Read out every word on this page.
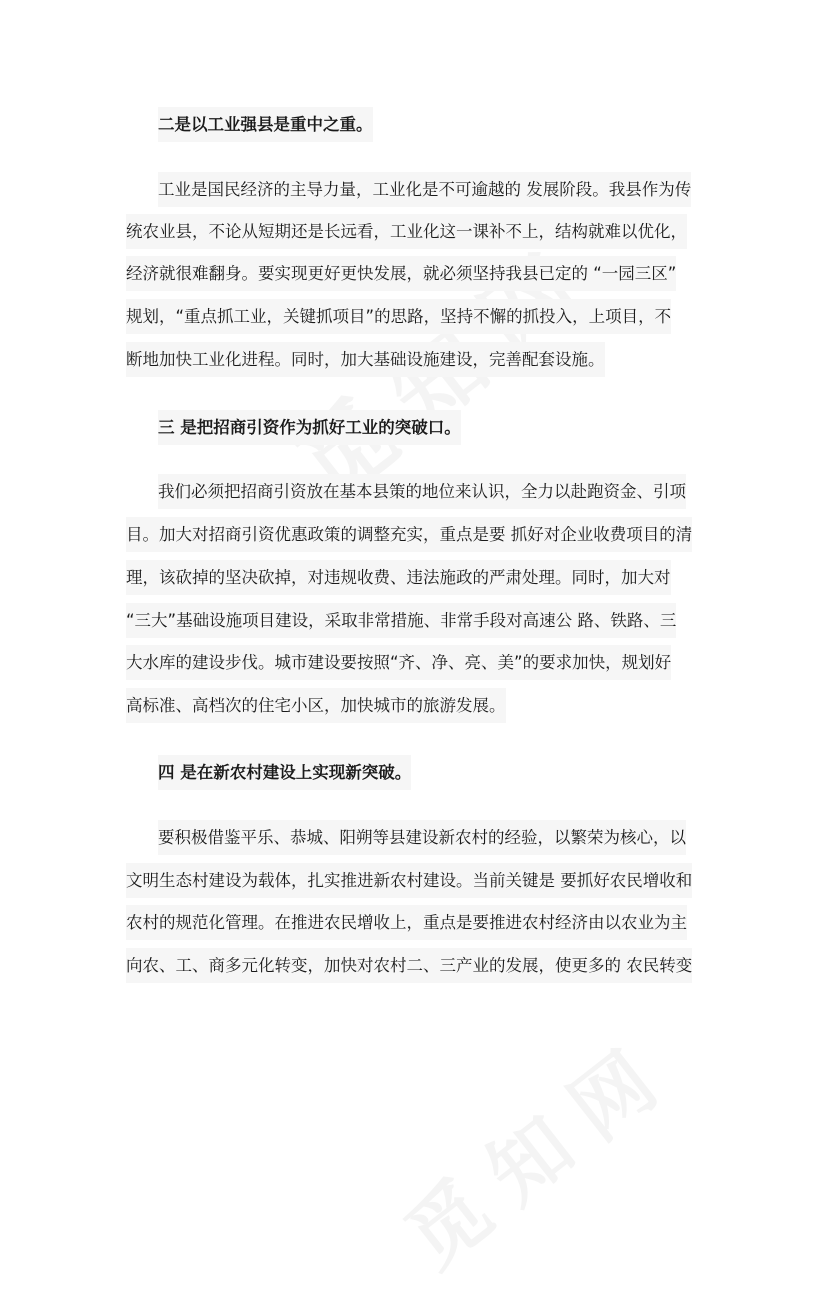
二是以工业强县是重中之重。
工业是国民经济的主导力量，工业化是不可逾越的 发展阶段。我县作为传
统农业县，不论从短期还是长远看，工业化这一课补不上，结构就难以优化，
经济就很难翻身。要实现更好更快发展，就必须坚持我县已定的 “一园三区”
规划，“重点抓工业，关键抓项目”的思路，坚持不懈的抓投入，上项目，不
断地加快工业化进程。同时，加大基础设施建设，完善配套设施。
三 是把招商引资作为抓好工业的突破口。
我们必须把招商引资放在基本县策的地位来认识，全力以赴跑资金、引项
目。加大对招商引资优惠政策的调整充实，重点是要 抓好对企业收费项目的清
理，该砍掉的坚决砍掉，对违规收费、违法施政的严肃处理。同时，加大对
“三大”基础设施项目建设，采取非常措施、非常手段对高速公 路、铁路、三
大水库的建设步伐。城市建设要按照“齐、净、亮、美”的要求加快，规划好
高标准、高档次的住宅小区，加快城市的旅游发展。
四 是在新农村建设上实现新突破。
要积极借鉴平乐、恭城、阳朔等县建设新农村的经验，以繁荣为核心，以
文明生态村建设为载体，扎实推进新农村建设。当前关键是 要抓好农民增收和
农村的规范化管理。在推进农民增收上，重点是要推进农村经济由以农业为主
向农、工、商多元化转变，加快对农村二、三产业的发展，使更多的 农民转变
